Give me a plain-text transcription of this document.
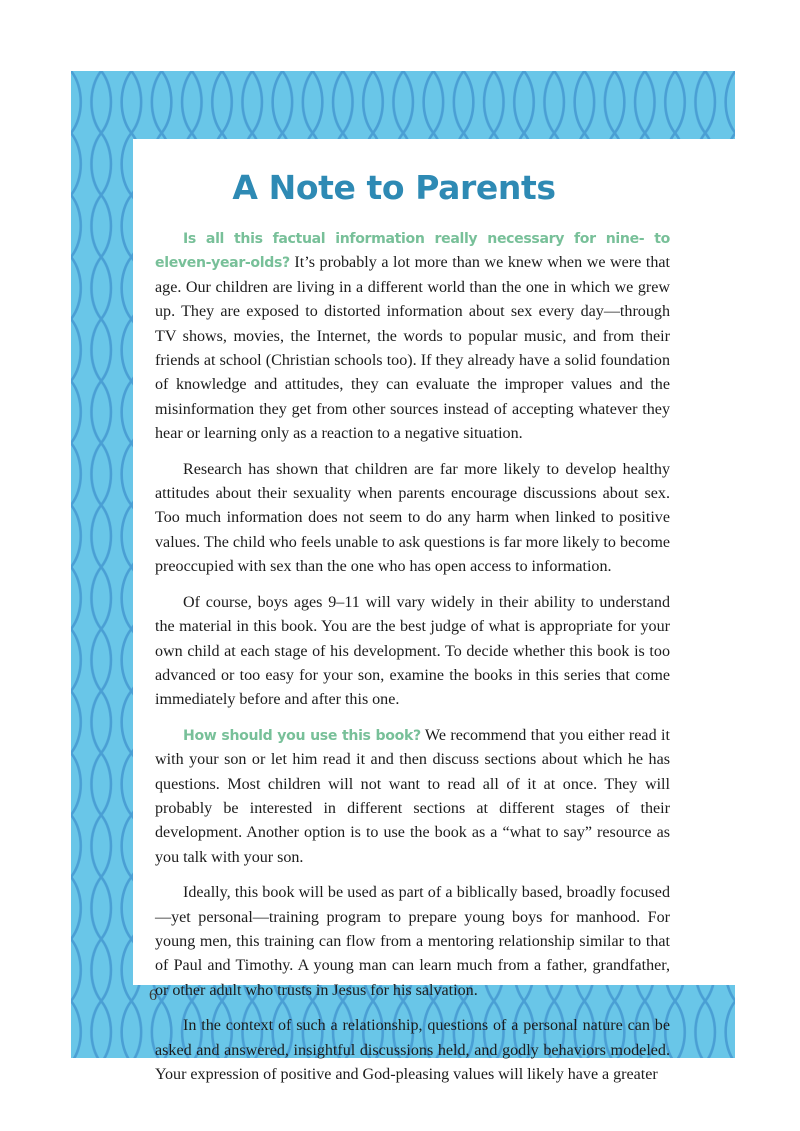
A Note to Parents

Is all this factual information really necessary for nine- to eleven-year-olds? It’s probably a lot more than we knew when we were that age. Our children are living in a different world than the one in which we grew up. They are exposed to distorted information about sex every day—through TV shows, movies, the Internet, the words to popular music, and from their friends at school (Christian schools too). If they already have a solid foundation of knowledge and attitudes, they can evaluate the improper values and the misinformation they get from other sources instead of accepting whatever they hear or learning only as a reaction to a negative situation.

Research has shown that children are far more likely to develop healthy attitudes about their sexuality when parents encourage discussions about sex. Too much information does not seem to do any harm when linked to positive values. The child who feels unable to ask questions is far more likely to become preoccupied with sex than the one who has open access to information.

Of course, boys ages 9–11 will vary widely in their ability to understand the material in this book. You are the best judge of what is appropriate for your own child at each stage of his development. To decide whether this book is too advanced or too easy for your son, examine the books in this series that come immediately before and after this one.

How should you use this book? We recommend that you either read it with your son or let him read it and then discuss sections about which he has questions. Most children will not want to read all of it at once. They will probably be interested in different sections at different stages of their development. Another option is to use the book as a “what to say” resource as you talk with your son.

Ideally, this book will be used as part of a biblically based, broadly focused—yet personal—training program to prepare young boys for manhood. For young men, this training can flow from a mentoring relationship similar to that of Paul and Timothy. A young man can learn much from a father, grandfather, or other adult who trusts in Jesus for his salvation.

In the context of such a relationship, questions of a personal nature can be asked and answered, insightful discussions held, and godly behaviors modeled. Your expression of positive and God-pleasing values will likely have a greater

6
